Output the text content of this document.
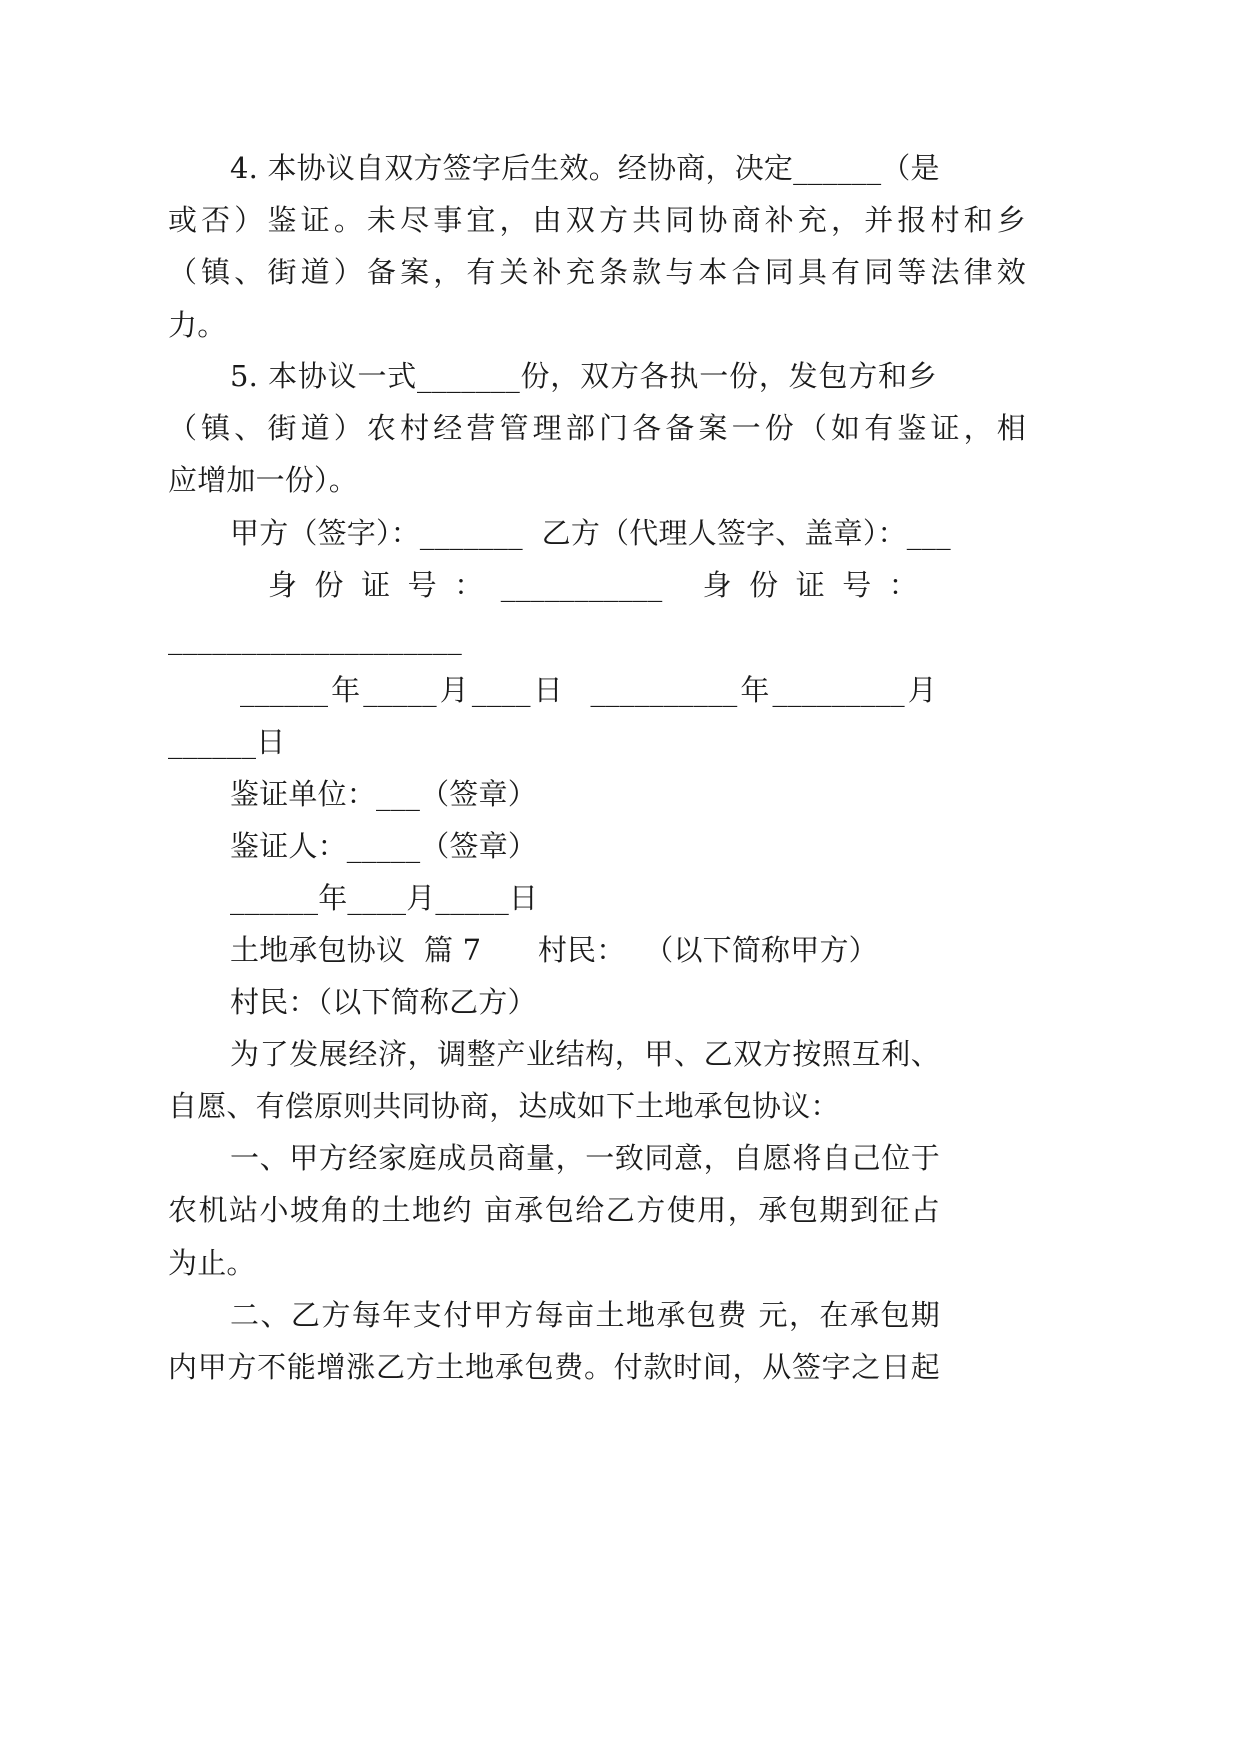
4. 本协议自双方签字后生效。经协商，决定______（是
或否）鉴证。未尽事宜，由双方共同协商补充，并报村和乡
（镇、街道）备案，有关补充条款与本合同具有同等法律效
力。
5. 本协议一式_______份，双方各执一份，发包方和乡
（镇、街道）农村经营管理部门各备案一份（如有鉴证，相
应增加一份）。
甲方（签字）：_______  乙方（代理人签字、盖章）：___
身 份 证 号 ： ___________   身 份 证 号 ：
____________________
______年_____月____日  __________年_________月
______日
鉴证单位：___（签章）
鉴证人：_____（签章）
______年____月_____日
土地承包协议  篇 7      村民：  （以下简称甲方）
村民：（以下简称乙方）
为了发展经济，调整产业结构，甲、乙双方按照互利、
自愿、有偿原则共同协商，达成如下土地承包协议：
一、甲方经家庭成员商量，一致同意，自愿将自己位于
农机站小坡角的土地约 亩承包给乙方使用，承包期到征占
为止。
二、乙方每年支付甲方每亩土地承包费 元，在承包期
内甲方不能增涨乙方土地承包费。付款时间，从签字之日起
